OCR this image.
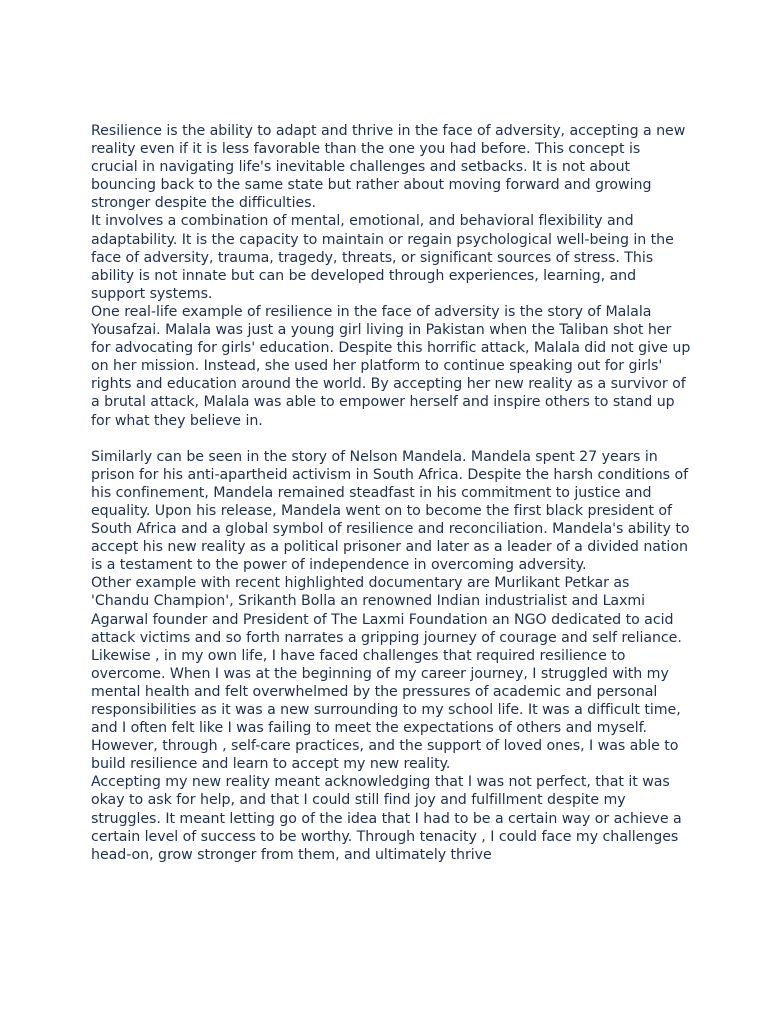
Resilience is the ability to adapt and thrive in the face of adversity, accepting a new reality even if it is less favorable than the one you had before. This concept is crucial in navigating life's inevitable challenges and setbacks. It is not about bouncing back to the same state but rather about moving forward and growing stronger despite the difficulties.

It involves a combination of mental, emotional, and behavioral flexibility and adaptability. It is the capacity to maintain or regain psychological well-being in the face of adversity, trauma, tragedy, threats, or significant sources of stress. This ability is not innate but can be developed through experiences, learning, and support systems.

One real-life example of resilience in the face of adversity is the story of Malala Yousafzai. Malala was just a young girl living in Pakistan when the Taliban shot her for advocating for girls' education. Despite this horrific attack, Malala did not give up on her mission. Instead, she used her platform to continue speaking out for girls' rights and education around the world. By accepting her new reality as a survivor of a brutal attack, Malala was able to empower herself and inspire others to stand up for what they believe in.

Similarly can be seen in the story of Nelson Mandela. Mandela spent 27 years in prison for his anti-apartheid activism in South Africa. Despite the harsh conditions of his confinement, Mandela remained steadfast in his commitment to justice and equality. Upon his release, Mandela went on to become the first black president of South Africa and a global symbol of resilience and reconciliation. Mandela's ability to accept his new reality as a political prisoner and later as a leader of a divided nation is a testament to the power of independence in overcoming adversity.

Other example with recent highlighted documentary are Murlikant Petkar as 'Chandu Champion', Srikanth Bolla an renowned Indian industrialist and Laxmi Agarwal founder and President of The Laxmi Foundation an NGO dedicated to acid attack victims and so forth narrates a gripping journey of courage and self reliance.

Likewise , in my own life, I have faced challenges that required resilience to overcome. When I was at the beginning of my career journey, I struggled with my mental health and felt overwhelmed by the pressures of academic and personal responsibilities as it was a new surrounding to my school life. It was a difficult time, and I often felt like I was failing to meet the expectations of others and myself. However, through , self-care practices, and the support of loved ones, I was able to build resilience and learn to accept my new reality.

Accepting my new reality meant acknowledging that I was not perfect, that it was okay to ask for help, and that I could still find joy and fulfillment despite my struggles. It meant letting go of the idea that I had to be a certain way or achieve a certain level of success to be worthy. Through tenacity , I could face my challenges head-on, grow stronger from them, and ultimately thrive
